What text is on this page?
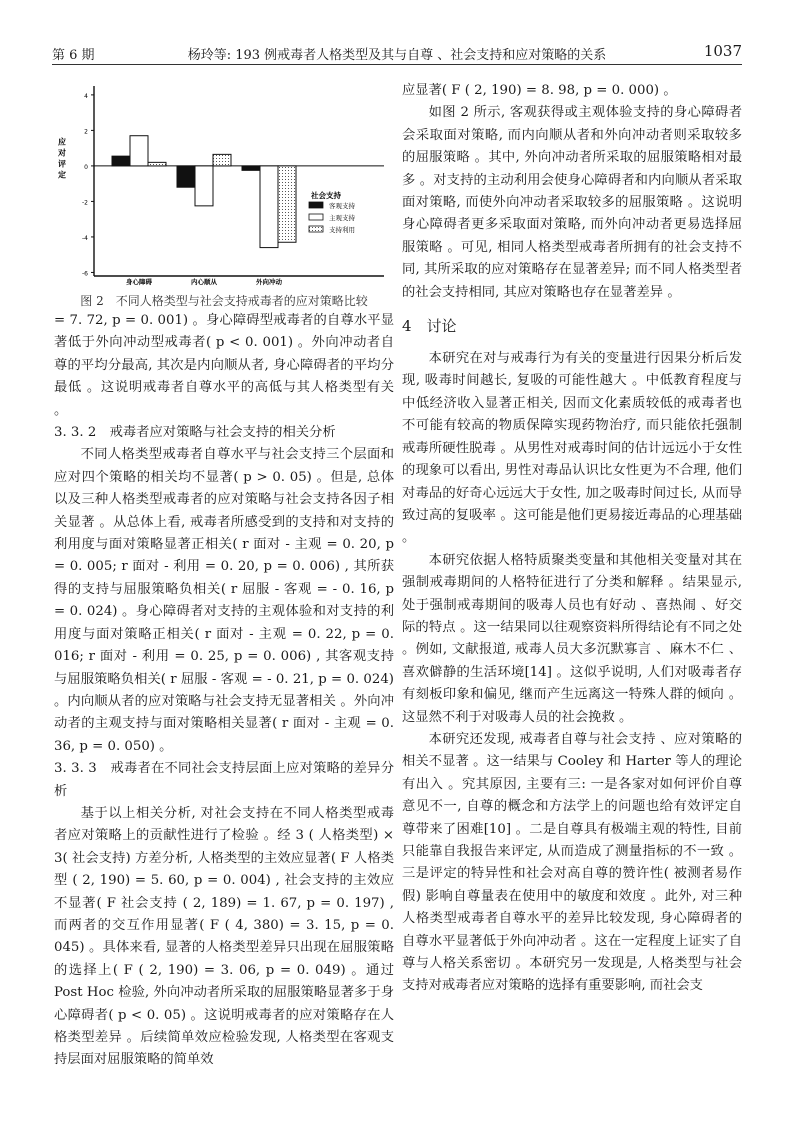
第 6 期	杨玲等: 193 例戒毒者人格类型及其与自尊 、社会支持和应对策略的关系	1037
4
2
0
-2
-4
-6
应
对
评
定
身心障碍	内心顺从	外向冲动
社会支持
客观支持
主观支持
支持利用
图 2　不同人格类型与社会支持戒毒者的应对策略比较

= 7. 72, p = 0. 001) 。身心障碍型戒毒者的自尊水平显著低于外向冲动型戒毒者( p < 0. 001) 。外向冲动者自尊的平均分最高, 其次是内向顺从者, 身心障碍者的平均分最低 。这说明戒毒者自尊水平的高低与其人格类型有关 。

3. 3. 2　戒毒者应对策略与社会支持的相关分析

不同人格类型戒毒者自尊水平与社会支持三个层面和应对四个策略的相关均不显著( p > 0. 05) 。但是, 总体以及三种人格类型戒毒者的应对策略与社会支持各因子相关显著 。从总体上看, 戒毒者所感受到的支持和对支持的利用度与面对策略显著正相关( r 面对 - 主观 = 0. 20, p = 0. 005; r 面对 - 利用 = 0. 20, p = 0. 006) , 其所获得的支持与屈服策略负相关( r 屈服 - 客观 = - 0. 16, p = 0. 024) 。身心障碍者对支持的主观体验和对支持的利用度与面对策略正相关( r 面对 - 主观 = 0. 22, p = 0. 016; r 面对 - 利用 = 0. 25, p = 0. 006) , 其客观支持与屈服策略负相关( r 屈服 - 客观 = - 0. 21, p = 0. 024) 。内向顺从者的应对策略与社会支持无显著相关 。外向冲动者的主观支持与面对策略相关显著( r 面对 - 主观 = 0. 36, p = 0. 050) 。

3. 3. 3　戒毒者在不同社会支持层面上应对策略的差异分析

基于以上相关分析, 对社会支持在不同人格类型戒毒者应对策略上的贡献性进行了检验 。经 3 ( 人格类型) × 3( 社会支持) 方差分析, 人格类型的主效应显著( F 人格类型 ( 2, 190) = 5. 60, p = 0. 004) , 社会支持的主效应不显著( F 社会支持 ( 2, 189) = 1. 67, p = 0. 197) , 而两者的交互作用显著( F ( 4, 380) = 3. 15, p = 0. 045) 。具体来看, 显著的人格类型差异只出现在屈服策略的选择上( F ( 2, 190) = 3. 06, p = 0. 049) 。通过 Post Hoc 检验, 外向冲动者所采取的屈服策略显著多于身心障碍者( p < 0. 05) 。这说明戒毒者的应对策略存在人格类型差异 。后续简单效应检验发现, 人格类型在客观支持层面对屈服策略的简单效

应显著( F ( 2, 190) = 8. 98, p = 0. 000) 。

如图 2 所示, 客观获得或主观体验支持的身心障碍者会采取面对策略, 而内向顺从者和外向冲动者则采取较多的屈服策略 。其中, 外向冲动者所采取的屈服策略相对最多 。对支持的主动利用会使身心障碍者和内向顺从者采取面对策略, 而使外向冲动者采取较多的屈服策略 。这说明身心障碍者更多采取面对策略, 而外向冲动者更易选择屈服策略 。可见, 相同人格类型戒毒者所拥有的社会支持不同, 其所采取的应对策略存在显著差异; 而不同人格类型者的社会支持相同, 其应对策略也存在显著差异 。

4　讨论

本研究在对与戒毒行为有关的变量进行因果分析后发现, 吸毒时间越长, 复吸的可能性越大 。中低教育程度与中低经济收入显著正相关, 因而文化素质较低的戒毒者也不可能有较高的物质保障实现药物治疗, 而只能依托强制戒毒所硬性脱毒 。从男性对戒毒时间的估计远远小于女性的现象可以看出, 男性对毒品认识比女性更为不合理, 他们对毒品的好奇心远远大于女性, 加之吸毒时间过长, 从而导致过高的复吸率 。这可能是他们更易接近毒品的心理基础 。

本研究依据人格特质聚类变量和其他相关变量对其在强制戒毒期间的人格特征进行了分类和解释 。结果显示, 处于强制戒毒期间的吸毒人员也有好动 、喜热闹 、好交际的特点 。这一结果同以往观察资料所得结论有不同之处 。例如, 文献报道, 戒毒人员大多沉默寡言 、麻木不仁 、喜欢僻静的生活环境[14] 。这似乎说明, 人们对吸毒者存有刻板印象和偏见, 继而产生远离这一特殊人群的倾向 。这显然不利于对吸毒人员的社会挽救 。

本研究还发现, 戒毒者自尊与社会支持 、应对策略的相关不显著 。这一结果与 Cooley 和 Harter 等人的理论有出入 。究其原因, 主要有三: 一是各家对如何评价自尊意见不一, 自尊的概念和方法学上的问题也给有效评定自尊带来了困难[10] 。二是自尊具有极端主观的特性, 目前只能靠自我报告来评定, 从而造成了测量指标的不一致 。三是评定的特异性和社会对高自尊的赞许性( 被测者易作假) 影响自尊量表在使用中的敏度和效度 。此外, 对三种人格类型戒毒者自尊水平的差异比较发现, 身心障碍者的自尊水平显著低于外向冲动者 。这在一定程度上证实了自尊与人格关系密切 。本研究另一发现是, 人格类型与社会支持对戒毒者应对策略的选择有重要影响, 而社会支
